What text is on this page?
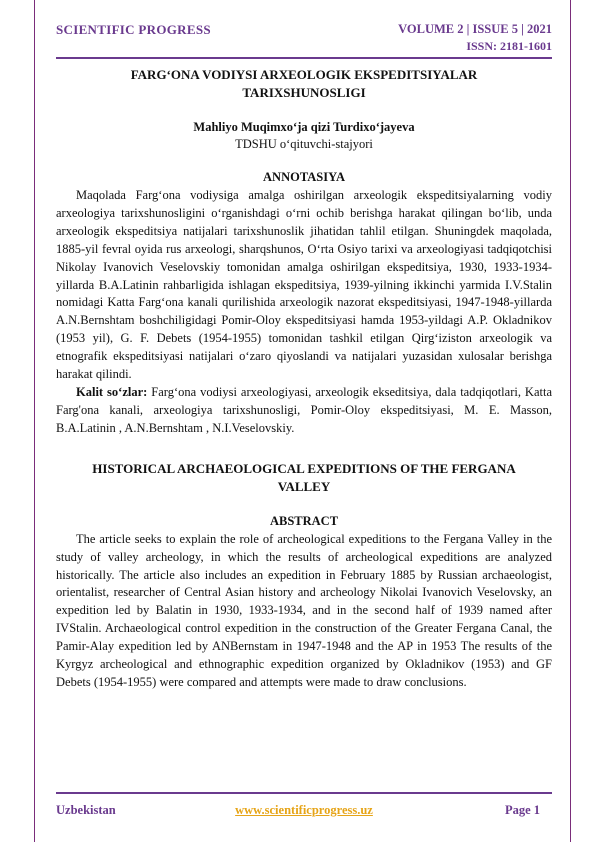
SCIENTIFIC PROGRESS	VOLUME 2 | ISSUE 5 | 2021
ISSN: 2181-1601
FARG‘ONA VODIYSI ARXEOLOGIK EKSPEDITSIYALAR
TARIXSHUNOSLIGI
Mahliyo Muqimxo‘ja qizi Turdixo‘jayeva
TDSHU o‘qituvchi-stajyori
ANNOTASIYA

Maqolada Farg‘ona vodiysiga amalga oshirilgan arxeologik ekspeditsiyalarning vodiy arxeologiya tarixshunosligini o‘rganishdagi o‘rni ochib berishga harakat qilingan bo‘lib, unda arxeologik ekspeditsiya natijalari tarixshunoslik jihatidan tahlil etilgan. Shuningdek maqolada, 1885-yil fevral oyida rus arxeologi, sharqshunos, O‘rta Osiyo tarixi va arxeologiyasi tadqiqotchisi Nikolay Ivanovich Veselovskiy tomonidan amalga oshirilgan ekspeditsiya, 1930, 1933-1934-yillarda B.A.Latinin rahbarligida ishlagan ekspeditsiya, 1939-yilning ikkinchi yarmida I.V.Stalin nomidagi Katta Farg‘ona kanali qurilishida arxeologik nazorat ekspeditsiyasi, 1947-1948-yillarda A.N.Bernshtam boshchiligidagi Pomir-Oloy ekspeditsiyasi hamda 1953-yildagi A.P. Okladnikov (1953 yil), G. F. Debets (1954-1955) tomonidan tashkil etilgan Qirg‘iziston arxeologik va etnografik ekspeditsiyasi natijalari o‘zaro qiyoslandi va natijalari yuzasidan xulosalar berishga harakat qilindi.

Kalit so‘zlar: Farg‘ona vodiysi arxeologiyasi, arxeologik ekseditsiya, dala tadqiqotlari, Katta Farg'ona kanali, arxeologiya tarixshunosligi, Pomir-Oloy ekspeditsiyasi, M. E. Masson, B.A.Latinin , A.N.Bernshtam , N.I.Veselovskiy.

HISTORICAL ARCHAEOLOGICAL EXPEDITIONS OF THE FERGANA
VALLEY
ABSTRACT

The article seeks to explain the role of archeological expeditions to the Fergana Valley in the study of valley archeology, in which the results of archeological expeditions are analyzed historically. The article also includes an expedition in February 1885 by Russian archaeologist, orientalist, researcher of Central Asian history and archeology Nikolai Ivanovich Veselovsky, an expedition led by Balatin in 1930, 1933-1934, and in the second half of 1939 named after IVStalin. Archaeological control expedition in the construction of the Greater Fergana Canal, the Pamir-Alay expedition led by ANBernstam in 1947-1948 and the AP in 1953 The results of the Kyrgyz archeological and ethnographic expedition organized by Okladnikov (1953) and GF Debets (1954-1955) were compared and attempts were made to draw conclusions.

Uzbekistan	www.scientificprogress.uz	Page 1
